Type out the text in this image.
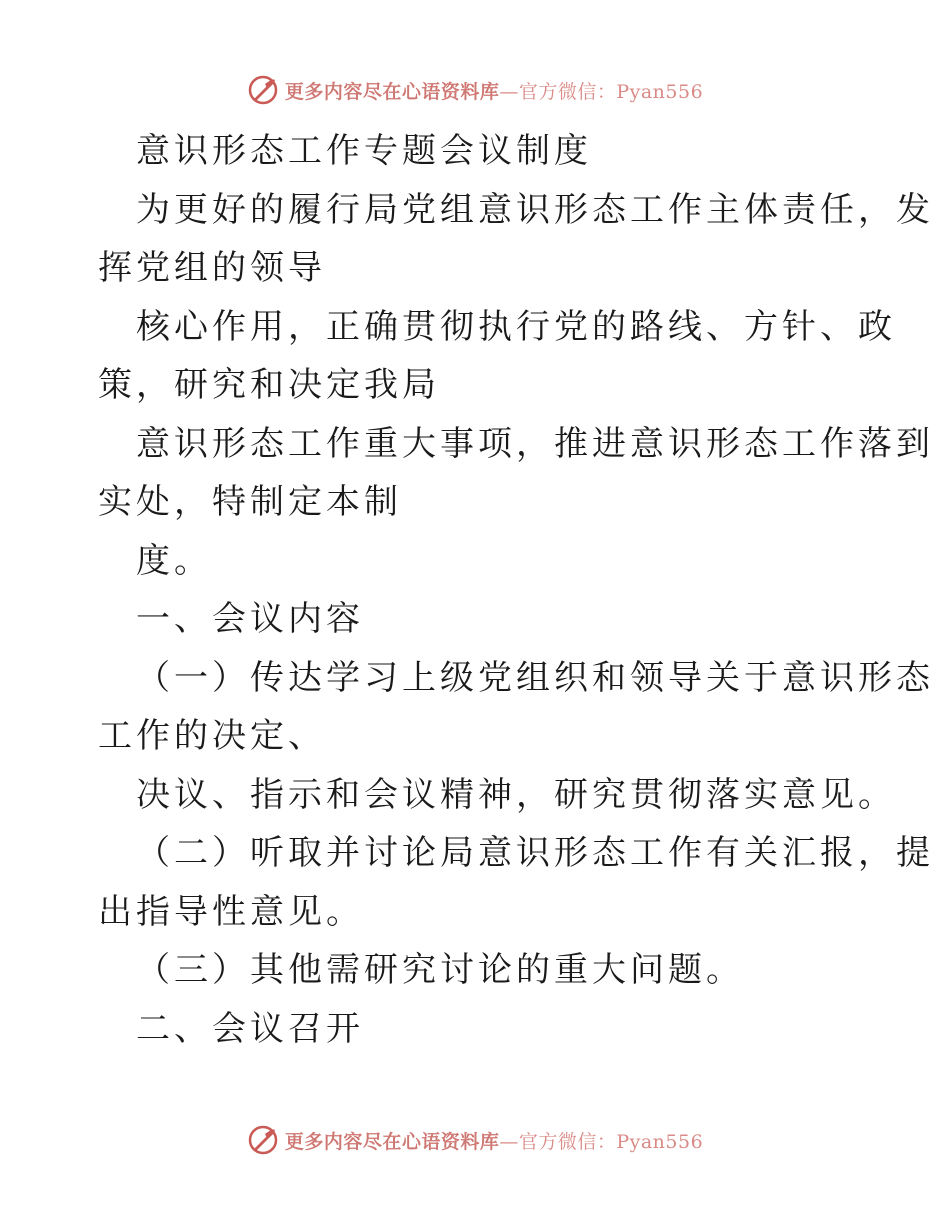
更多内容尽在心语资料库—官方微信：Pyan556

意识形态工作专题会议制度

为更好的履行局党组意识形态工作主体责任，发

挥党组的领导

核心作用，正确贯彻执行党的路线、方针、政

策，研究和决定我局

意识形态工作重大事项，推进意识形态工作落到

实处，特制定本制

度。

一、会议内容

（一）传达学习上级党组织和领导关于意识形态

工作的决定、

决议、指示和会议精神，研究贯彻落实意见。

（二）听取并讨论局意识形态工作有关汇报，提

出指导性意见。

（三）其他需研究讨论的重大问题。

二、会议召开

更多内容尽在心语资料库—官方微信：Pyan556
